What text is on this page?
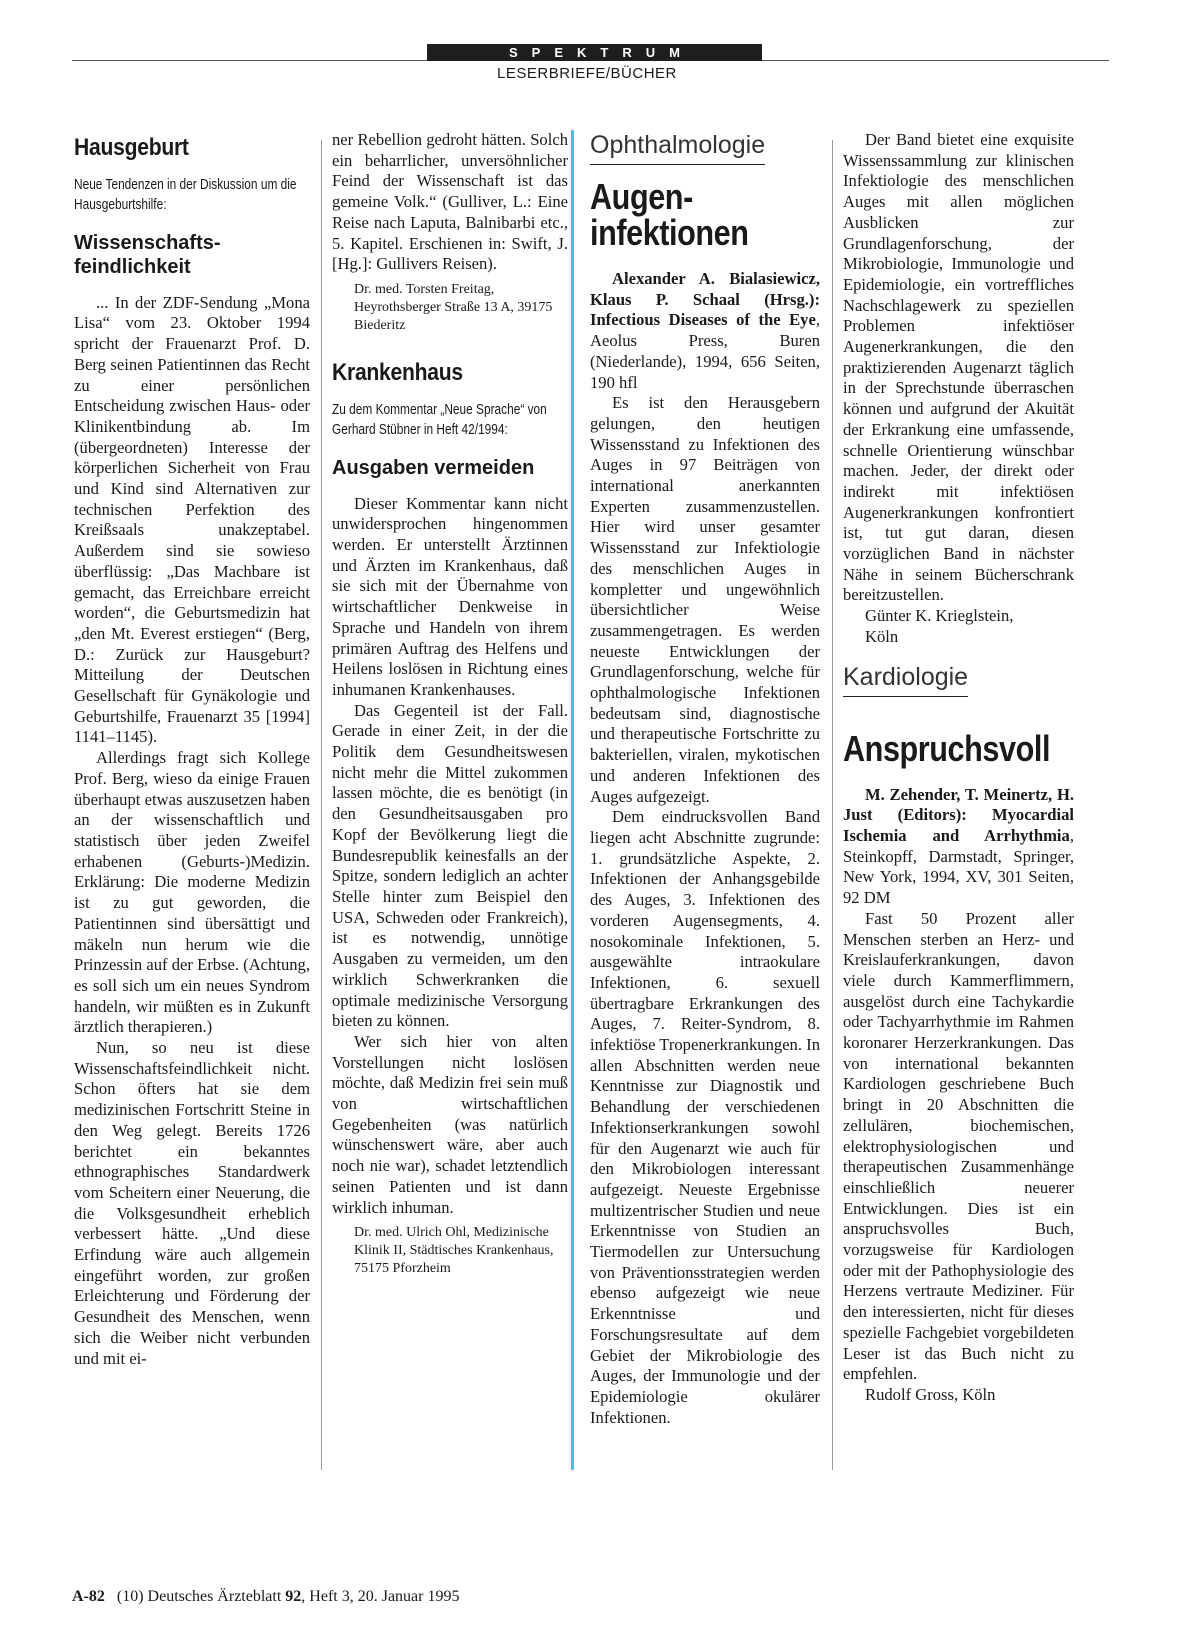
SPEKTRUM
LESERBRIEFE/BÜCHER
Hausgeburt
Neue Tendenzen in der Diskussion um die Hausgeburtshilfe:
Wissenschafts-feindlichkeit

... In der ZDF-Sendung „Mona Lisa“ vom 23. Oktober 1994 spricht der Frauenarzt Prof. D. Berg seinen Patientinnen das Recht zu einer persönlichen Entscheidung zwischen Haus- oder Klinikentbindung ab. Im (übergeordneten) Interesse der körperlichen Sicherheit von Frau und Kind sind Alternativen zur technischen Perfektion des Kreißsaals unakzeptabel. Außerdem sind sie sowieso überflüssig: „Das Machbare ist gemacht, das Erreichbare erreicht worden“, die Geburtsmedizin hat „den Mt. Everest erstiegen“ (Berg, D.: Zurück zur Hausgeburt? Mitteilung der Deutschen Gesellschaft für Gynäkologie und Geburtshilfe, Frauenarzt 35 [1994] 1141–1145).

Allerdings fragt sich Kollege Prof. Berg, wieso da einige Frauen überhaupt etwas auszusetzen haben an der wissenschaftlich und statistisch über jeden Zweifel erhabenen (Geburts-)Medizin. Erklärung: Die moderne Medizin ist zu gut geworden, die Patientinnen sind übersättigt und mäkeln nun herum wie die Prinzessin auf der Erbse. (Achtung, es soll sich um ein neues Syndrom handeln, wir müßten es in Zukunft ärztlich therapieren.)

Nun, so neu ist diese Wissenschaftsfeindlichkeit nicht. Schon öfters hat sie dem medizinischen Fortschritt Steine in den Weg gelegt. Bereits 1726 berichtet ein bekanntes ethnographisches Standardwerk vom Scheitern einer Neuerung, die die Volksgesundheit erheblich verbessert hätte. „Und diese Erfindung wäre auch allgemein eingeführt worden, zur großen Erleichterung und Förderung der Gesundheit des Menschen, wenn sich die Weiber nicht verbunden und mit ei-

ner Rebellion gedroht hätten. Solch ein beharrlicher, unversöhnlicher Feind der Wissenschaft ist das gemeine Volk.“ (Gulliver, L.: Eine Reise nach Laputa, Balnibarbi etc., 5. Kapitel. Erschienen in: Swift, J. [Hg.]: Gullivers Reisen).

Dr. med. Torsten Freitag, Heyrothsberger Straße 13 A, 39175 Biederitz
Krankenhaus
Zu dem Kommentar „Neue Sprache“ von Gerhard Stübner in Heft 42/1994:
Ausgaben vermeiden

Dieser Kommentar kann nicht unwidersprochen hingenommen werden. Er unterstellt Ärztinnen und Ärzten im Krankenhaus, daß sie sich mit der Übernahme von wirtschaftlicher Denkweise in Sprache und Handeln von ihrem primären Auftrag des Helfens und Heilens loslösen in Richtung eines inhumanen Krankenhauses.

Das Gegenteil ist der Fall. Gerade in einer Zeit, in der die Politik dem Gesundheitswesen nicht mehr die Mittel zukommen lassen möchte, die es benötigt (in den Gesundheitsausgaben pro Kopf der Bevölkerung liegt die Bundesrepublik keinesfalls an der Spitze, sondern lediglich an achter Stelle hinter zum Beispiel den USA, Schweden oder Frankreich), ist es notwendig, unnötige Ausgaben zu vermeiden, um den wirklich Schwerkranken die optimale medizinische Versorgung bieten zu können.

Wer sich hier von alten Vorstellungen nicht loslösen möchte, daß Medizin frei sein muß von wirtschaftlichen Gegebenheiten (was natürlich wünschenswert wäre, aber auch noch nie war), schadet letztendlich seinen Patienten und ist dann wirklich inhuman.

Dr. med. Ulrich Ohl, Medizinische Klinik II, Städtisches Krankenhaus, 75175 Pforzheim
Ophthalmologie
Augen-
infektionen

Alexander A. Bialasiewicz, Klaus P. Schaal (Hrsg.): Infectious Diseases of the Eye, Aeolus Press, Buren (Niederlande), 1994, 656 Seiten, 190 hfl

Es ist den Herausgebern gelungen, den heutigen Wissensstand zu Infektionen des Auges in 97 Beiträgen von international anerkannten Experten zusammenzustellen. Hier wird unser gesamter Wissensstand zur Infektiologie des menschlichen Auges in kompletter und ungewöhnlich übersichtlicher Weise zusammengetragen. Es werden neueste Entwicklungen der Grundlagenforschung, welche für ophthalmologische Infektionen bedeutsam sind, diagnostische und therapeutische Fortschritte zu bakteriellen, viralen, mykotischen und anderen Infektionen des Auges aufgezeigt.

Dem eindrucksvollen Band liegen acht Abschnitte zugrunde: 1. grundsätzliche Aspekte, 2. Infektionen der Anhangsgebilde des Auges, 3. Infektionen des vorderen Augensegments, 4. nosokominale Infektionen, 5. ausgewählte intraokulare Infektionen, 6. sexuell übertragbare Erkrankungen des Auges, 7. Reiter-Syndrom, 8. infektiöse Tropenerkrankungen. In allen Abschnitten werden neue Kenntnisse zur Diagnostik und Behandlung der verschiedenen Infektionserkrankungen sowohl für den Augenarzt wie auch für den Mikrobiologen interessant aufgezeigt. Neueste Ergebnisse multizentrischer Studien und neue Erkenntnisse von Studien an Tiermodellen zur Untersuchung von Präventionsstrategien werden ebenso aufgezeigt wie neue Erkenntnisse und Forschungsresultate auf dem Gebiet der Mikrobiologie des Auges, der Immunologie und der Epidemiologie okulärer Infektionen.

Der Band bietet eine exquisite Wissenssammlung zur klinischen Infektiologie des menschlichen Auges mit allen möglichen Ausblicken zur Grundlagenforschung, der Mikrobiologie, Immunologie und Epidemiologie, ein vortreffliches Nachschlagewerk zu speziellen Problemen infektiöser Augenerkrankungen, die den praktizierenden Augenarzt täglich in der Sprechstunde überraschen können und aufgrund der Akuität der Erkrankung eine umfassende, schnelle Orientierung wünschbar machen. Jeder, der direkt oder indirekt mit infektiösen Augenerkrankungen konfrontiert ist, tut gut daran, diesen vorzüglichen Band in nächster Nähe in seinem Bücherschrank bereitzustellen.

Günter K. Krieglstein,

Köln

Kardiologie
Anspruchsvoll

M. Zehender, T. Meinertz, H. Just (Editors): Myocardial Ischemia and Arrhythmia, Steinkopff, Darmstadt, Springer, New York, 1994, XV, 301 Seiten, 92 DM

Fast 50 Prozent aller Menschen sterben an Herz- und Kreislauferkrankungen, davon viele durch Kammerflimmern, ausgelöst durch eine Tachykardie oder Tachyarrhythmie im Rahmen koronarer Herzerkrankungen. Das von international bekannten Kardiologen geschriebene Buch bringt in 20 Abschnitten die zellulären, biochemischen, elektrophysiologischen und therapeutischen Zusammenhänge einschließlich neuerer Entwicklungen. Dies ist ein anspruchsvolles Buch, vorzugsweise für Kardiologen oder mit der Pathophysiologie des Herzens vertraute Mediziner. Für den interessierten, nicht für dieses spezielle Fachgebiet vorgebildeten Leser ist das Buch nicht zu empfehlen.

Rudolf Gross, Köln

A-82 (10) Deutsches Ärzteblatt 92, Heft 3, 20. Januar 1995
